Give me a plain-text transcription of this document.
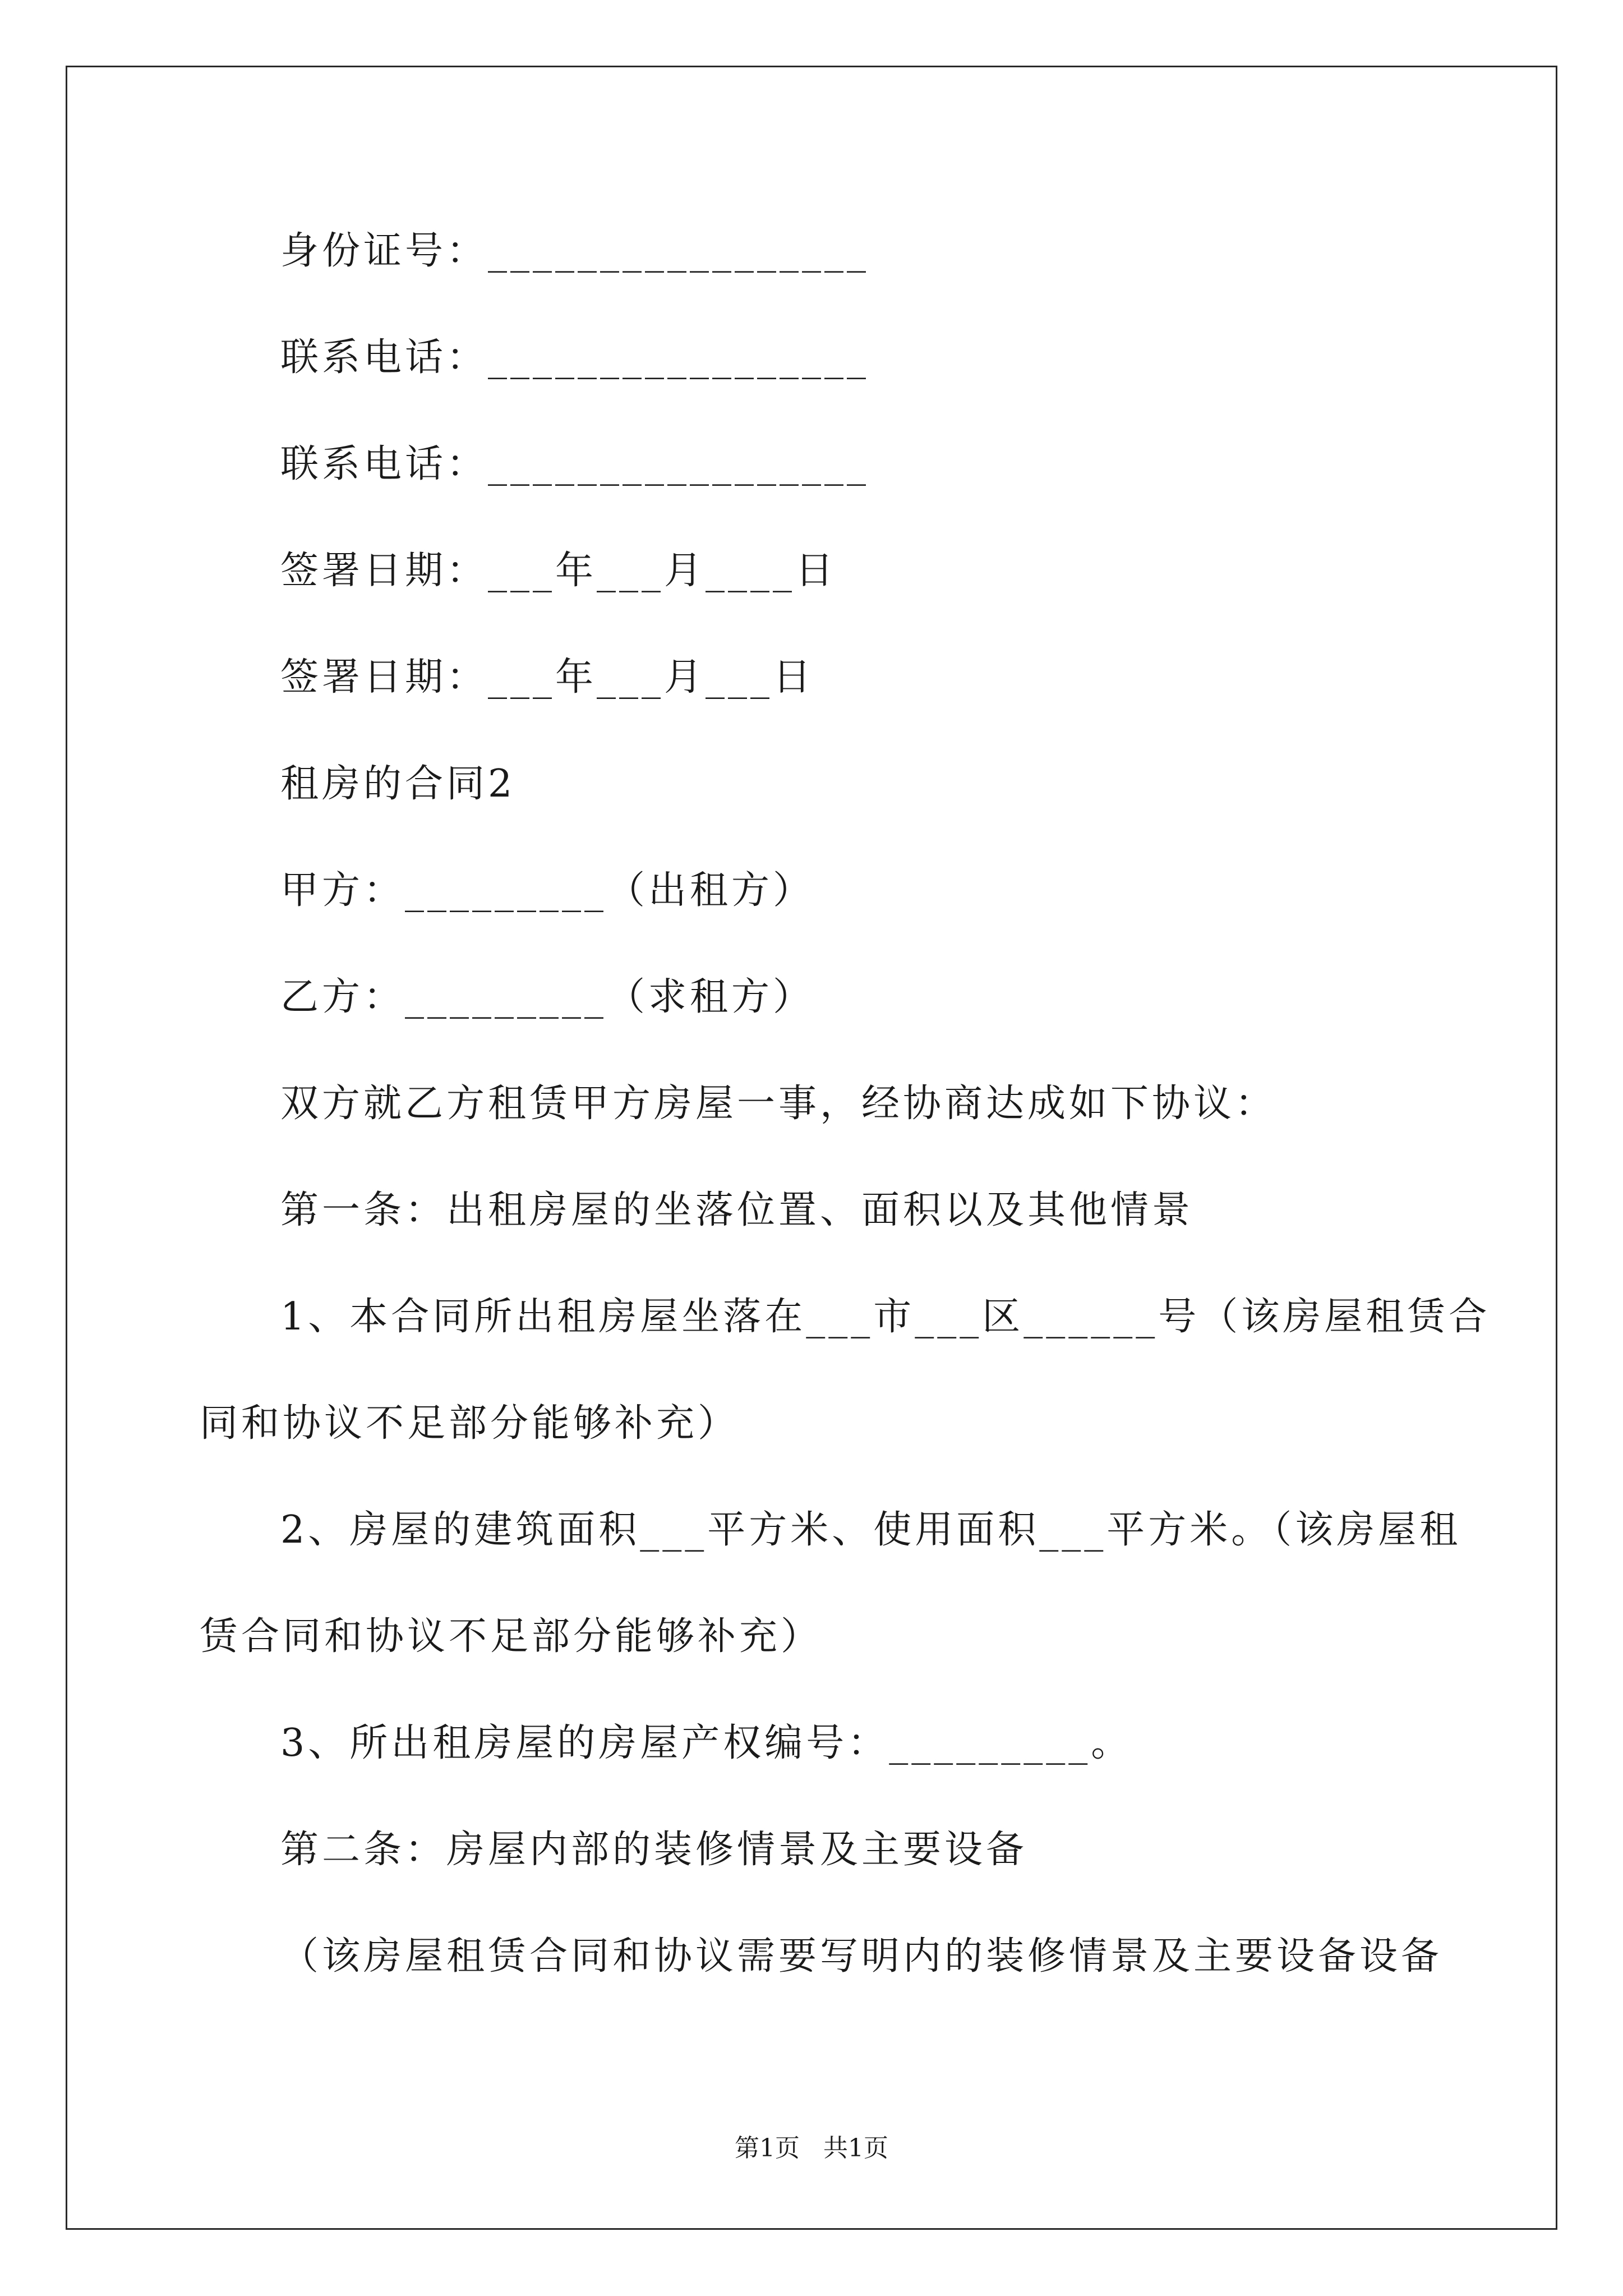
身份证号：_________________
联系电话：_________________
联系电话：_________________
签署日期：___年___月____日
签署日期：___年___月___日
租房的合同2
甲方：_________（出租方）
乙方：_________（求租方）
双方就乙方租赁甲方房屋一事，经协商达成如下协议：
第一条：出租房屋的坐落位置、面积以及其他情景
1、本合同所出租房屋坐落在___市___区______号（该房屋租赁合
同和协议不足部分能够补充）
2、房屋的建筑面积___平方米、使用面积___平方米。（该房屋租
赁合同和协议不足部分能够补充）
3、所出租房屋的房屋产权编号：_________。
第二条：房屋内部的装修情景及主要设备
（该房屋租赁合同和协议需要写明内的装修情景及主要设备设备
第1页   共1页
